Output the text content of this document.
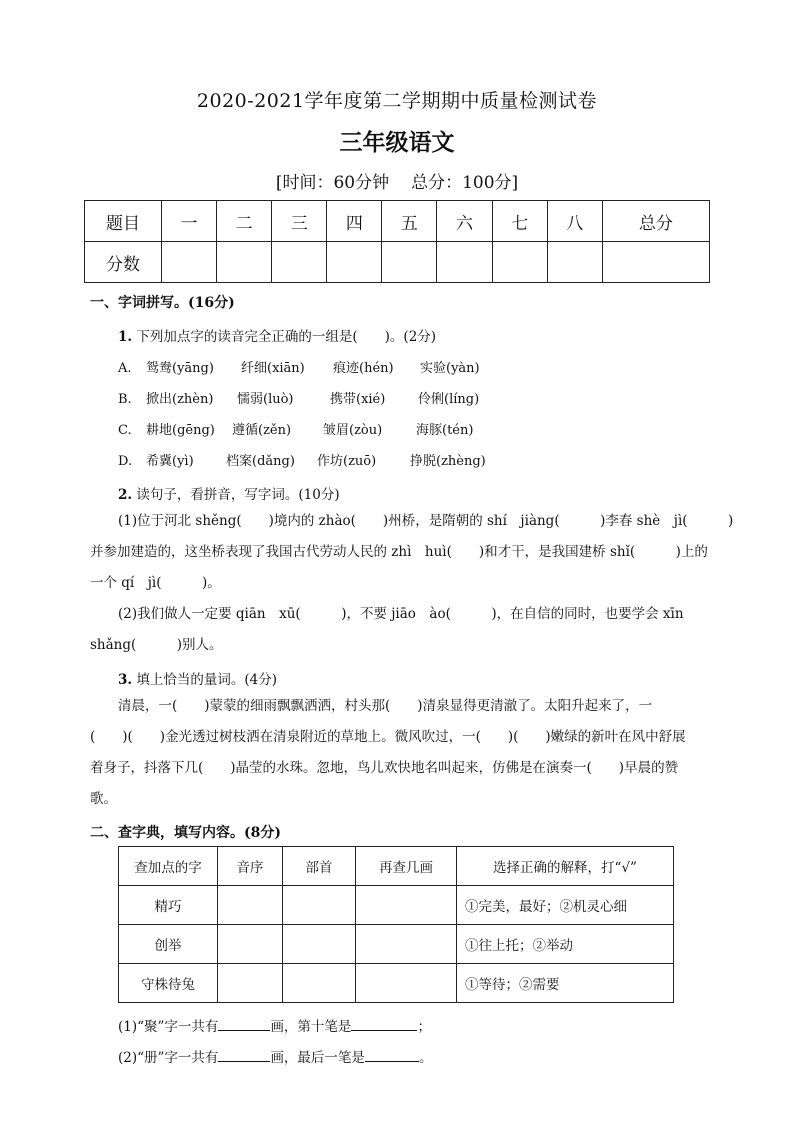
2020-2021学年度第二学期期中质量检测试卷
三年级语文
[时间：60分钟 总分：100分]
题目	一	二	三	四	五	六	七	八	总分
分数									
一、字词拼写。(16分)
1. 下列加点字的读音完全正确的一组是(　　)。(2分)
A. 鸳鸯(yāng) 纤细(xiān) 痕迹(hén) 实验(yàn)
B. 掀出(zhèn) 懦弱(luò)	携带(xié)	伶俐(líng)
C. 耕地(gēng) 遵循(zěn) 皱眉(zòu)	海豚(tén)
D. 希冀(yì) 档案(dǎng) 作坊(zuō)	挣脱(zhèng)
2. 读句子，看拼音，写字词。(10分)
(1)位于河北 shěng(　　)境内的 zhào(　　)州桥，是隋朝的 shí　jiàng(　　　)李春 shè　jì(　　　)
并参加建造的，这坐桥表现了我国古代劳动人民的 zhì　huì(　　)和才干，是我国建桥 shǐ(　　　)上的
一个 qí　jì(　　　)。
(2)我们做人一定要 qiān　xū(　　　)，不要 jiāo　ào(　　　)，在自信的同时，也要学会 xīn
shǎng(　　　)别人。
3. 填上恰当的量词。(4分)
清晨，一(　　)蒙蒙的细雨飘飘洒洒，村头那(　　)清泉显得更清澈了。太阳升起来了，一
(　　)(　　)金光透过树枝洒在清泉附近的草地上。微风吹过，一(　　)(　　)嫩绿的新叶在风中舒展
着身子，抖落下几(　　)晶莹的水珠。忽地，鸟儿欢快地名叫起来，仿佛是在演奏一(　　)早晨的赞
歌。
二、查字典，填写内容。(8分)
查加点的字	音序	部首	再查几画	选择正确的解释，打“√”
精巧				①完美，最好；②机灵心细
创举				①往上托；②举动
守株待兔				①等待；②需要
(1)“聚”字一共有	画，第十笔是	；
(2)“册”字一共有	画，最后一笔是	。
